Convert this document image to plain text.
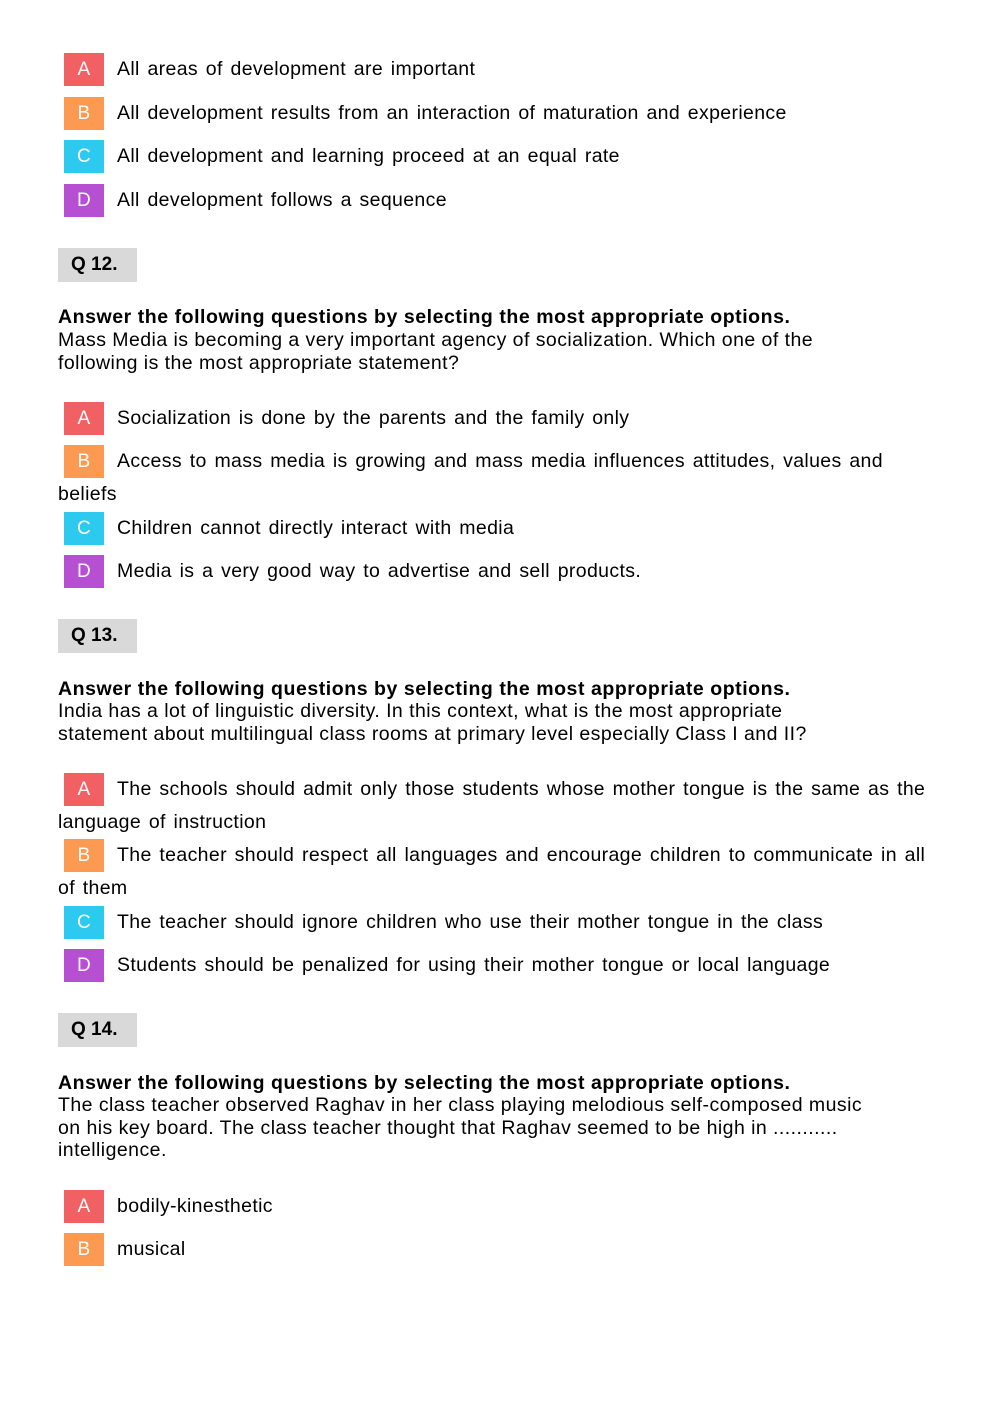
A All areas of development are important
B All development results from an interaction of maturation and experience
C All development and learning proceed at an equal rate
D All development follows a sequence
Q 12.
Answer the following questions by selecting the most appropriate options.
Mass Media is becoming a very important agency of socialization. Which one of the
following is the most appropriate statement?
A Socialization is done by the parents and the family only
B Access to mass media is growing and mass media influences attitudes, values and beliefs
C Children cannot directly interact with media
D Media is a very good way to advertise and sell products.
Q 13.
Answer the following questions by selecting the most appropriate options.
India has a lot of linguistic diversity. In this context, what is the most appropriate
statement about multilingual class rooms at primary level especially Class I and II?
A The schools should admit only those students whose mother tongue is the same as the language of instruction
B The teacher should respect all languages and encourage children to communicate in all of them
C The teacher should ignore children who use their mother tongue in the class
D Students should be penalized for using their mother tongue or local language
Q 14.
Answer the following questions by selecting the most appropriate options.
The class teacher observed Raghav in her class playing melodious self-composed music
on his key board. The class teacher thought that Raghav seemed to be high in ...........
intelligence.
A bodily-kinesthetic
B musical
